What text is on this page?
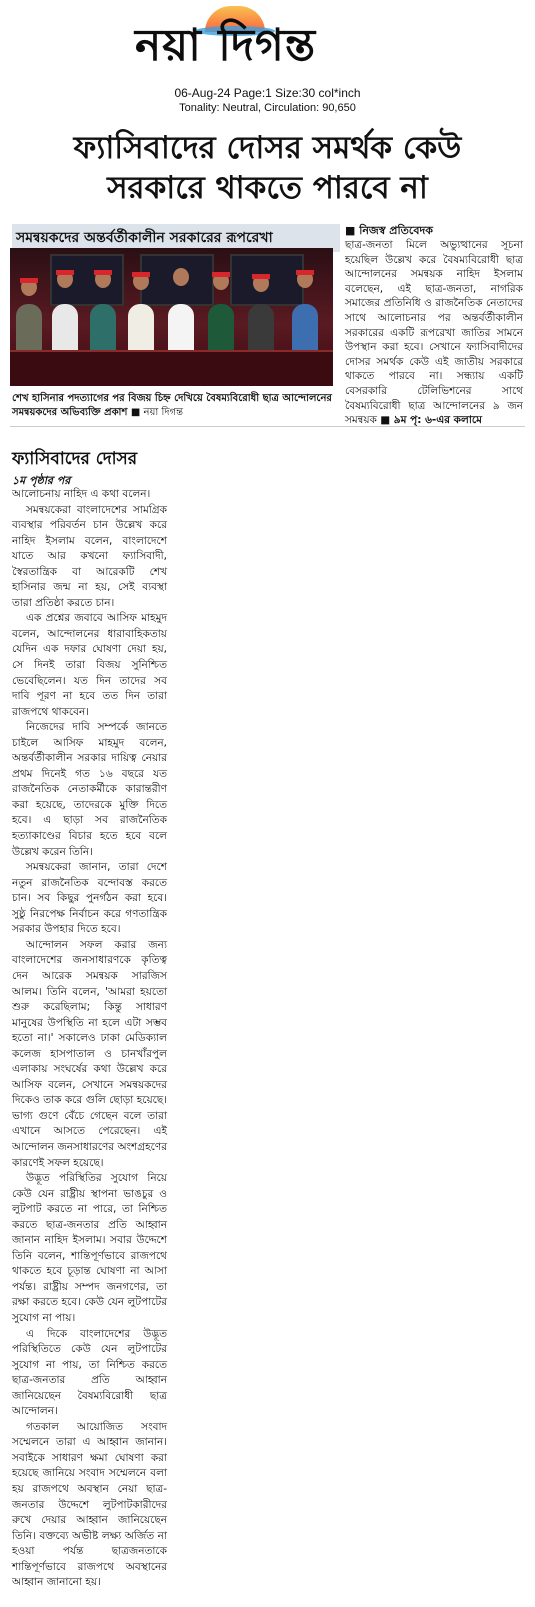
নয়া দিগন্ত
06-Aug-24 Page:1 Size:30 col*inch
Tonality: Neutral, Circulation: 90,650
ফ্যাসিবাদের দোসর সমর্থক কেউ
সরকারে থাকতে পারবে না
সমন্বয়কদের অন্তর্বর্তীকালীন সরকারের রূপরেখা
শেখ হাসিনার পদত্যাগের পর বিজয় চিহ্ন দেখিয়ে বৈষম্যবিরোধী ছাত্র আন্দোলনের সমন্বয়কদের অভিব্যক্তি প্রকাশ ■ নয়া দিগন্ত
■ নিজস্ব প্রতিবেদক
ছাত্র-জনতা মিলে অভ্যুত্থানের সূচনা হয়েছিল উল্লেখ করে বৈষম্যবিরোধী ছাত্র আন্দোলনের সমন্বয়ক নাহিদ ইসলাম বলেছেন, এই ছাত্র-জনতা, নাগরিক সমাজের প্রতিনিধি ও রাজনৈতিক নেতাদের সাথে আলোচনার পর অন্তর্বর্তীকালীন সরকারের একটি রূপরেখা জাতির সামনে উপস্থান করা হবে। সেখানে ফ্যাসিবাদীদের দোসর সমর্থক কেউ এই জাতীয় সরকারে থাকতে পারবে না। সন্ধ্যায় একটি বেসরকারি টেলিভিশনের সাথে বৈষম্যবিরোধী ছাত্র আন্দোলনের ৯ জন সমন্বয়ক ■ ৯ম পৃ: ৬-এর কলামে
ফ্যাসিবাদের দোসর
১ম পৃষ্ঠার পর

আলোচনায় নাহিদ এ কথা বলেন।

সমন্বয়কেরা বাংলাদেশের সামগ্রিক ব্যবস্থার পরিবর্তন চান উল্লেখ করে নাহিদ ইসলাম বলেন, বাংলাদেশে যাতে আর কখনো ফ্যাসিবাদী, স্বৈরতান্ত্রিক বা আরেকটি শেখ হাসিনার জন্ম না হয়, সেই ব্যবস্থা তারা প্রতিষ্ঠা করতে চান।

এক প্রশ্নের জবাবে আসিফ মাহমুদ বলেন, আন্দোলনের ধারাবাহিকতায় যেদিন এক দফার ঘোষণা দেয়া হয়, সে দিনই তারা বিজয় সুনিশ্চিত ভেবেছিলেন। যত দিন তাদের সব দাবি পূরণ না হবে তত দিন তারা রাজপথে থাকবেন।

নিজেদের দাবি সম্পর্কে জানতে চাইলে আসিফ মাহমুদ বলেন, অন্তর্বর্তীকালীন সরকার দায়িত্ব নেয়ার প্রথম দিনেই গত ১৬ বছরে যত রাজনৈতিক নেতাকর্মীকে কারান্তরীণ করা হয়েছে, তাদেরকে মুক্তি দিতে হবে। এ ছাড়া সব রাজনৈতিক হত্যাকাণ্ডের বিচার হতে হবে বলে উল্লেখ করেন তিনি।

সমন্বয়কেরা জানান, তারা দেশে নতুন রাজনৈতিক বন্দোবস্ত করতে চান। সব কিছুর পুনর্গঠন করা হবে। সুষ্ঠু নিরপেক্ষ নির্বাচন করে গণতান্ত্রিক সরকার উপহার দিতে হবে।

আন্দোলন সফল করার জন্য বাংলাদেশের জনসাধারণকে কৃতিত্ব দেন আরেক সমন্বয়ক সারজিস আলম। তিনি বলেন, 'আমরা হয়তো শুরু করেছিলাম; কিন্তু সাধারণ মানুষের উপস্থিতি না হলে এটা সম্ভব হতো না।' সকালেও ঢাকা মেডিক্যাল কলেজ হাসপাতাল ও চানখাঁরপুল এলাকায় সংঘর্ষের কথা উল্লেখ করে আসিফ বলেন, সেখানে সমন্বয়কদের দিকেও তাক করে গুলি ছোড়া হয়েছে। ভাগ্য গুণে বেঁচে গেছেন বলে তারা এখানে আসতে পেরেছেন। এই আন্দোলন জনসাধারণের অংশগ্রহণের কারণেই সফল হয়েছে।

উদ্ভূত পরিস্থিতির সুযোগ নিয়ে কেউ যেন রাষ্ট্রীয় স্থাপনা ভাঙচুর ও লুটপাট করতে না পারে, তা নিশ্চিত করতে ছাত্র-জনতার প্রতি আহ্বান জানান নাহিদ ইসলাম। সবার উদ্দেশে তিনি বলেন, শান্তিপূর্ণভাবে রাজপথে থাকতে হবে চূড়ান্ত ঘোষণা না আসা পর্যন্ত। রাষ্ট্রীয় সম্পদ জনগণের, তা রক্ষা করতে হবে। কেউ যেন লুটপাটের সুযোগ না পায়।

এ দিকে বাংলাদেশের উদ্ভূত পরিস্থিতিতে কেউ যেন লুটপাটের সুযোগ না পায়, তা নিশ্চিত করতে ছাত্র-জনতার প্রতি আহ্বান জানিয়েছেন বৈষম্যবিরোধী ছাত্র আন্দোলন।

গতকাল আয়োজিত সংবাদ সম্মেলনে তারা এ আহ্বান জানান। সবাইকে সাধারণ ক্ষমা ঘোষণা করা হয়েছে জানিয়ে সংবাদ সম্মেলনে বলা হয় রাজপথে অবস্থান নেয়া ছাত্র-জনতার উদ্দেশে লুটপাটকারীদের রুখে দেয়ার আহ্বান জানিয়েছেন তিনি। বক্তব্যে অভীষ্ট লক্ষ্য অর্জিত না হওয়া পর্যন্ত ছাত্রজনতাকে শান্তিপূর্ণভাবে রাজপথে অবস্থানের আহ্বান জানানো হয়।
